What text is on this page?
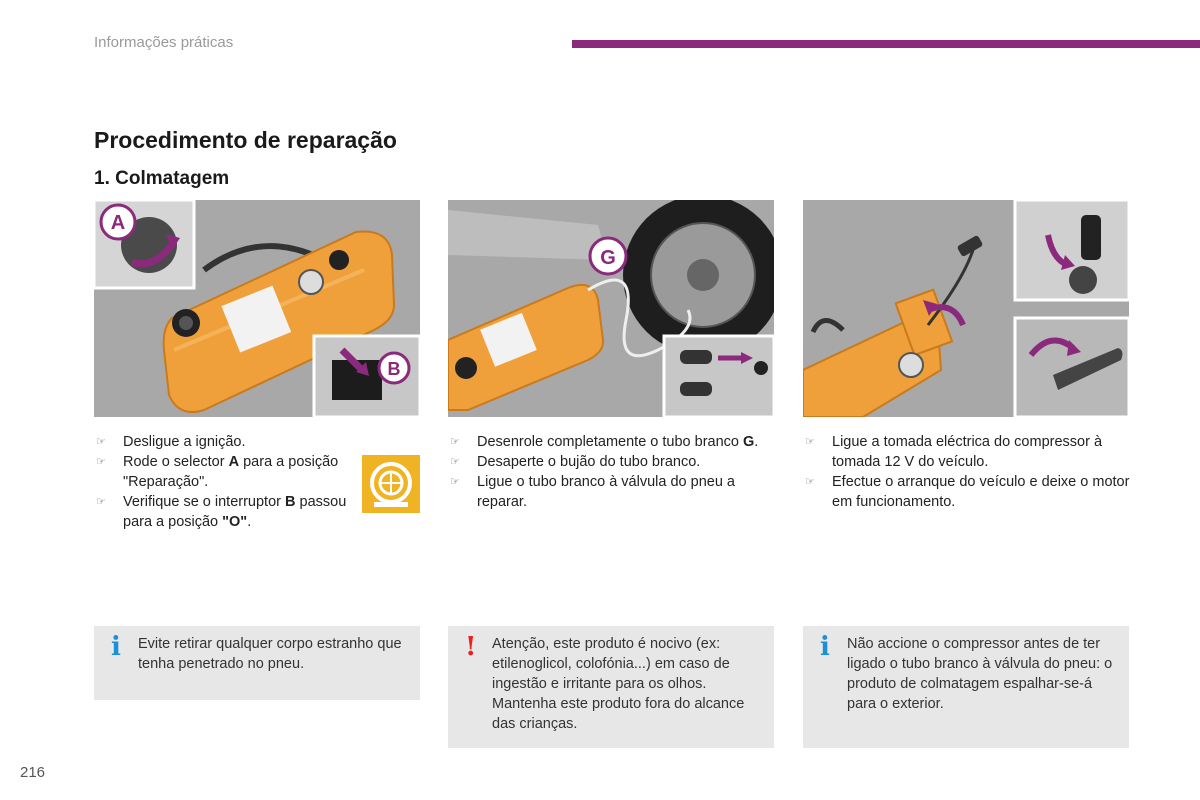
Informações práticas
Procedimento de reparação
1. Colmatagem
A
B
G
☞ Desligue a ignição.
☞ Rode o selector A para a posição "Reparação".
☞ Verifique se o interruptor B passou para a posição "O".
☞ Desenrole completamente o tubo branco G.
☞ Desaperte o bujão do tubo branco.
☞ Ligue o tubo branco à válvula do pneu a reparar.
☞ Ligue a tomada eléctrica do compressor à tomada 12 V do veículo.
☞ Efectue o arranque do veículo e deixe o motor em funcionamento.
i Evite retirar qualquer corpo estranho que tenha penetrado no pneu.
! Atenção, este produto é nocivo (ex: etilenoglicol, colofónia...) em caso de ingestão e irritante para os olhos. Mantenha este produto fora do alcance das crianças.
i Não accione o compressor antes de ter ligado o tubo branco à válvula do pneu: o produto de colmatagem espalhar-se-á para o exterior.
216
